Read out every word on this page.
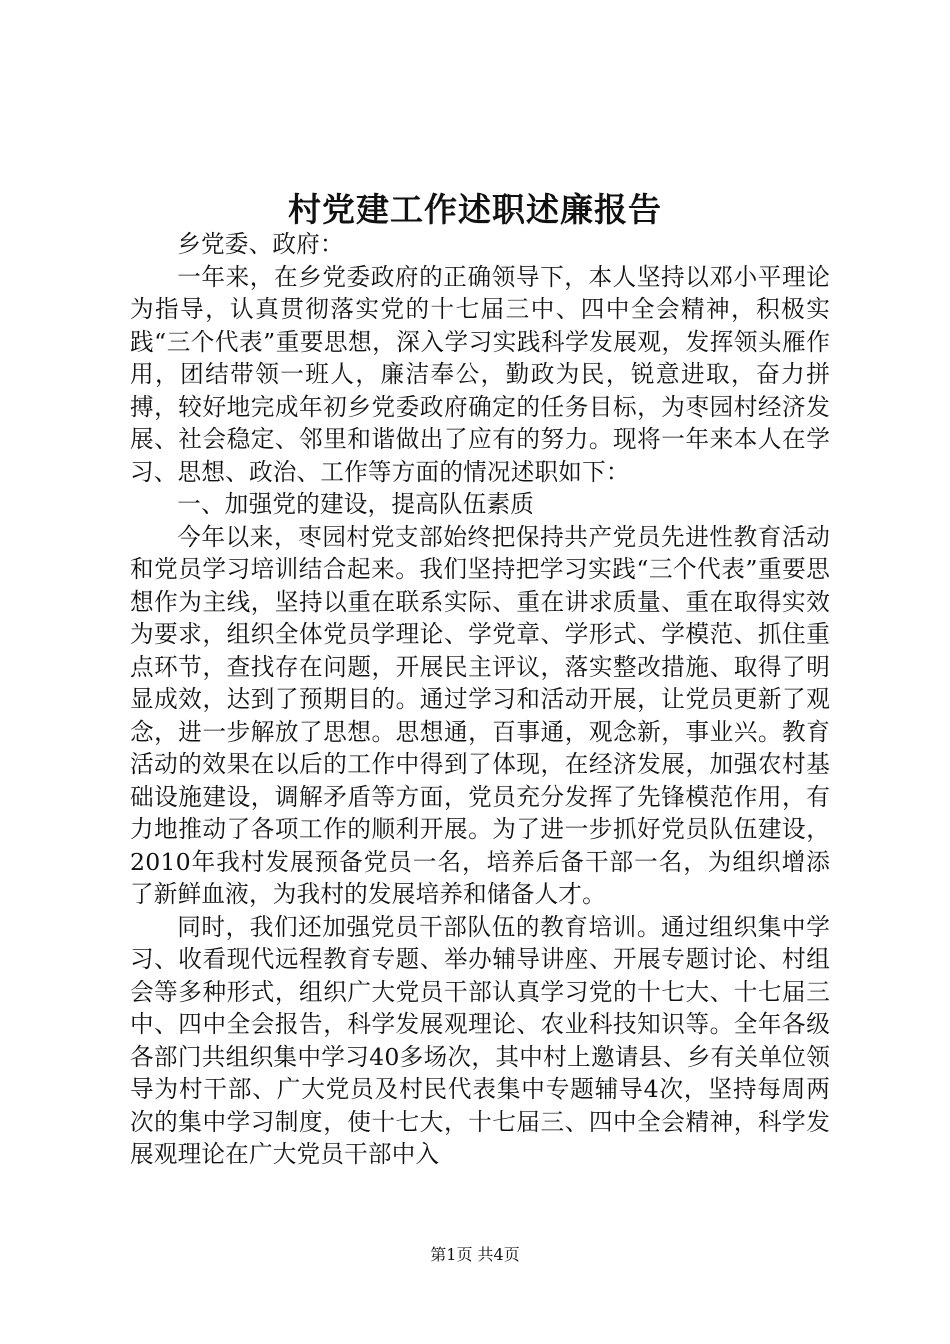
村党建工作述职述廉报告

乡党委、政府：

一年来，在乡党委政府的正确领导下，本人坚持以邓小平理论为指导，认真贯彻落实党的十七届三中、四中全会精神，积极实践“三个代表”重要思想，深入学习实践科学发展观，发挥领头雁作用，团结带领一班人，廉洁奉公，勤政为民，锐意进取，奋力拼搏，较好地完成年初乡党委政府确定的任务目标，为枣园村经济发展、社会稳定、邻里和谐做出了应有的努力。现将一年来本人在学习、思想、政治、工作等方面的情况述职如下：

一、加强党的建设，提高队伍素质

今年以来，枣园村党支部始终把保持共产党员先进性教育活动和党员学习培训结合起来。我们坚持把学习实践“三个代表”重要思想作为主线，坚持以重在联系实际、重在讲求质量、重在取得实效为要求，组织全体党员学理论、学党章、学形式、学模范、抓住重点环节，查找存在问题，开展民主评议，落实整改措施、取得了明显成效，达到了预期目的。通过学习和活动开展，让党员更新了观念，进一步解放了思想。思想通，百事通，观念新，事业兴。教育活动的效果在以后的工作中得到了体现，在经济发展，加强农村基础设施建设，调解矛盾等方面，党员充分发挥了先锋模范作用，有力地推动了各项工作的顺利开展。为了进一步抓好党员队伍建设，2010年我村发展预备党员一名，培养后备干部一名，为组织增添了新鲜血液，为我村的发展培养和储备人才。

同时，我们还加强党员干部队伍的教育培训。通过组织集中学习、收看现代远程教育专题、举办辅导讲座、开展专题讨论、村组会等多种形式，组织广大党员干部认真学习党的十七大、十七届三中、四中全会报告，科学发展观理论、农业科技知识等。全年各级各部门共组织集中学习40多场次，其中村上邀请县、乡有关单位领导为村干部、广大党员及村民代表集中专题辅导4次，坚持每周两次的集中学习制度，使十七大，十七届三、四中全会精神，科学发展观理论在广大党员干部中入

第1页 共4页
